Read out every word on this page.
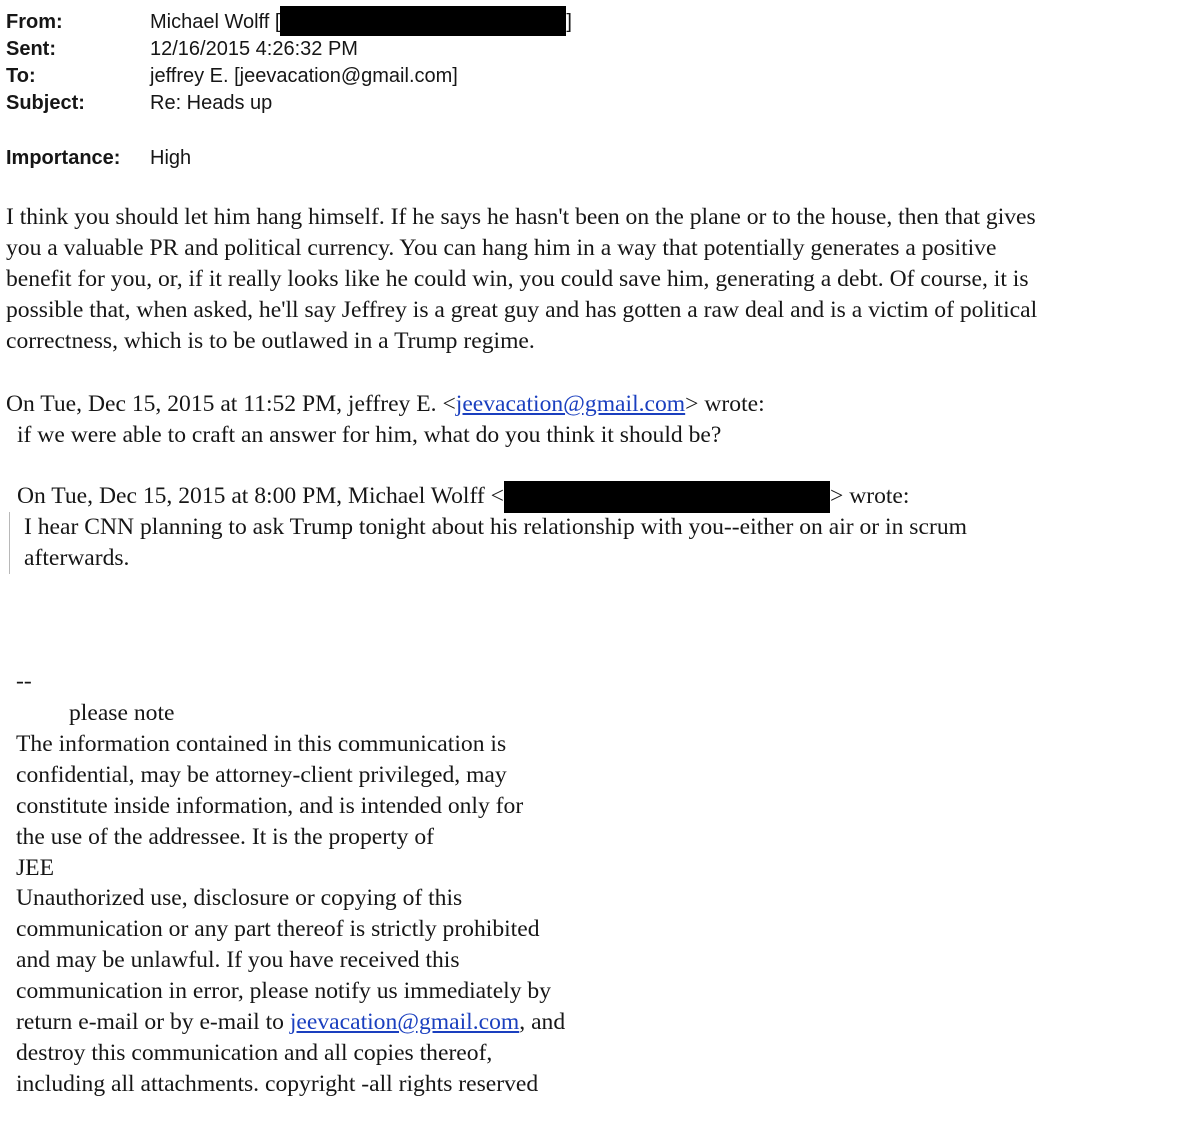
From:	Michael Wolff [	]
Sent:	12/16/2015 4:26:32 PM
To:	jeffrey E. [jeevacation@gmail.com]
Subject:	Re: Heads up
Importance: High
I think you should let him hang himself. If he says he hasn't been on the plane or to the house, then that gives
you a valuable PR and political currency. You can hang him in a way that potentially generates a positive
benefit for you, or, if it really looks like he could win, you could save him, generating a debt. Of course, it is
possible that, when asked, he'll say Jeffrey is a great guy and has gotten a raw deal and is a victim of political
correctness, which is to be outlawed in a Trump regime.
On Tue, Dec 15, 2015 at 11:52 PM, jeffrey E. <jeevacation@gmail.com> wrote:
if we were able to craft an answer for him, what do you think it should be?
On Tue, Dec 15, 2015 at 8:00 PM, Michael Wolff <	> wrote:
I hear CNN planning to ask Trump tonight about his relationship with you--either on air or in scrum
afterwards.
--
please note
The information contained in this communication is
confidential, may be attorney-client privileged, may
constitute inside information, and is intended only for
the use of the addressee. It is the property of
JEE
Unauthorized use, disclosure or copying of this
communication or any part thereof is strictly prohibited
and may be unlawful. If you have received this
communication in error, please notify us immediately by
return e-mail or by e-mail to jeevacation@gmail.com, and
destroy this communication and all copies thereof,
including all attachments. copyright -all rights reserved
